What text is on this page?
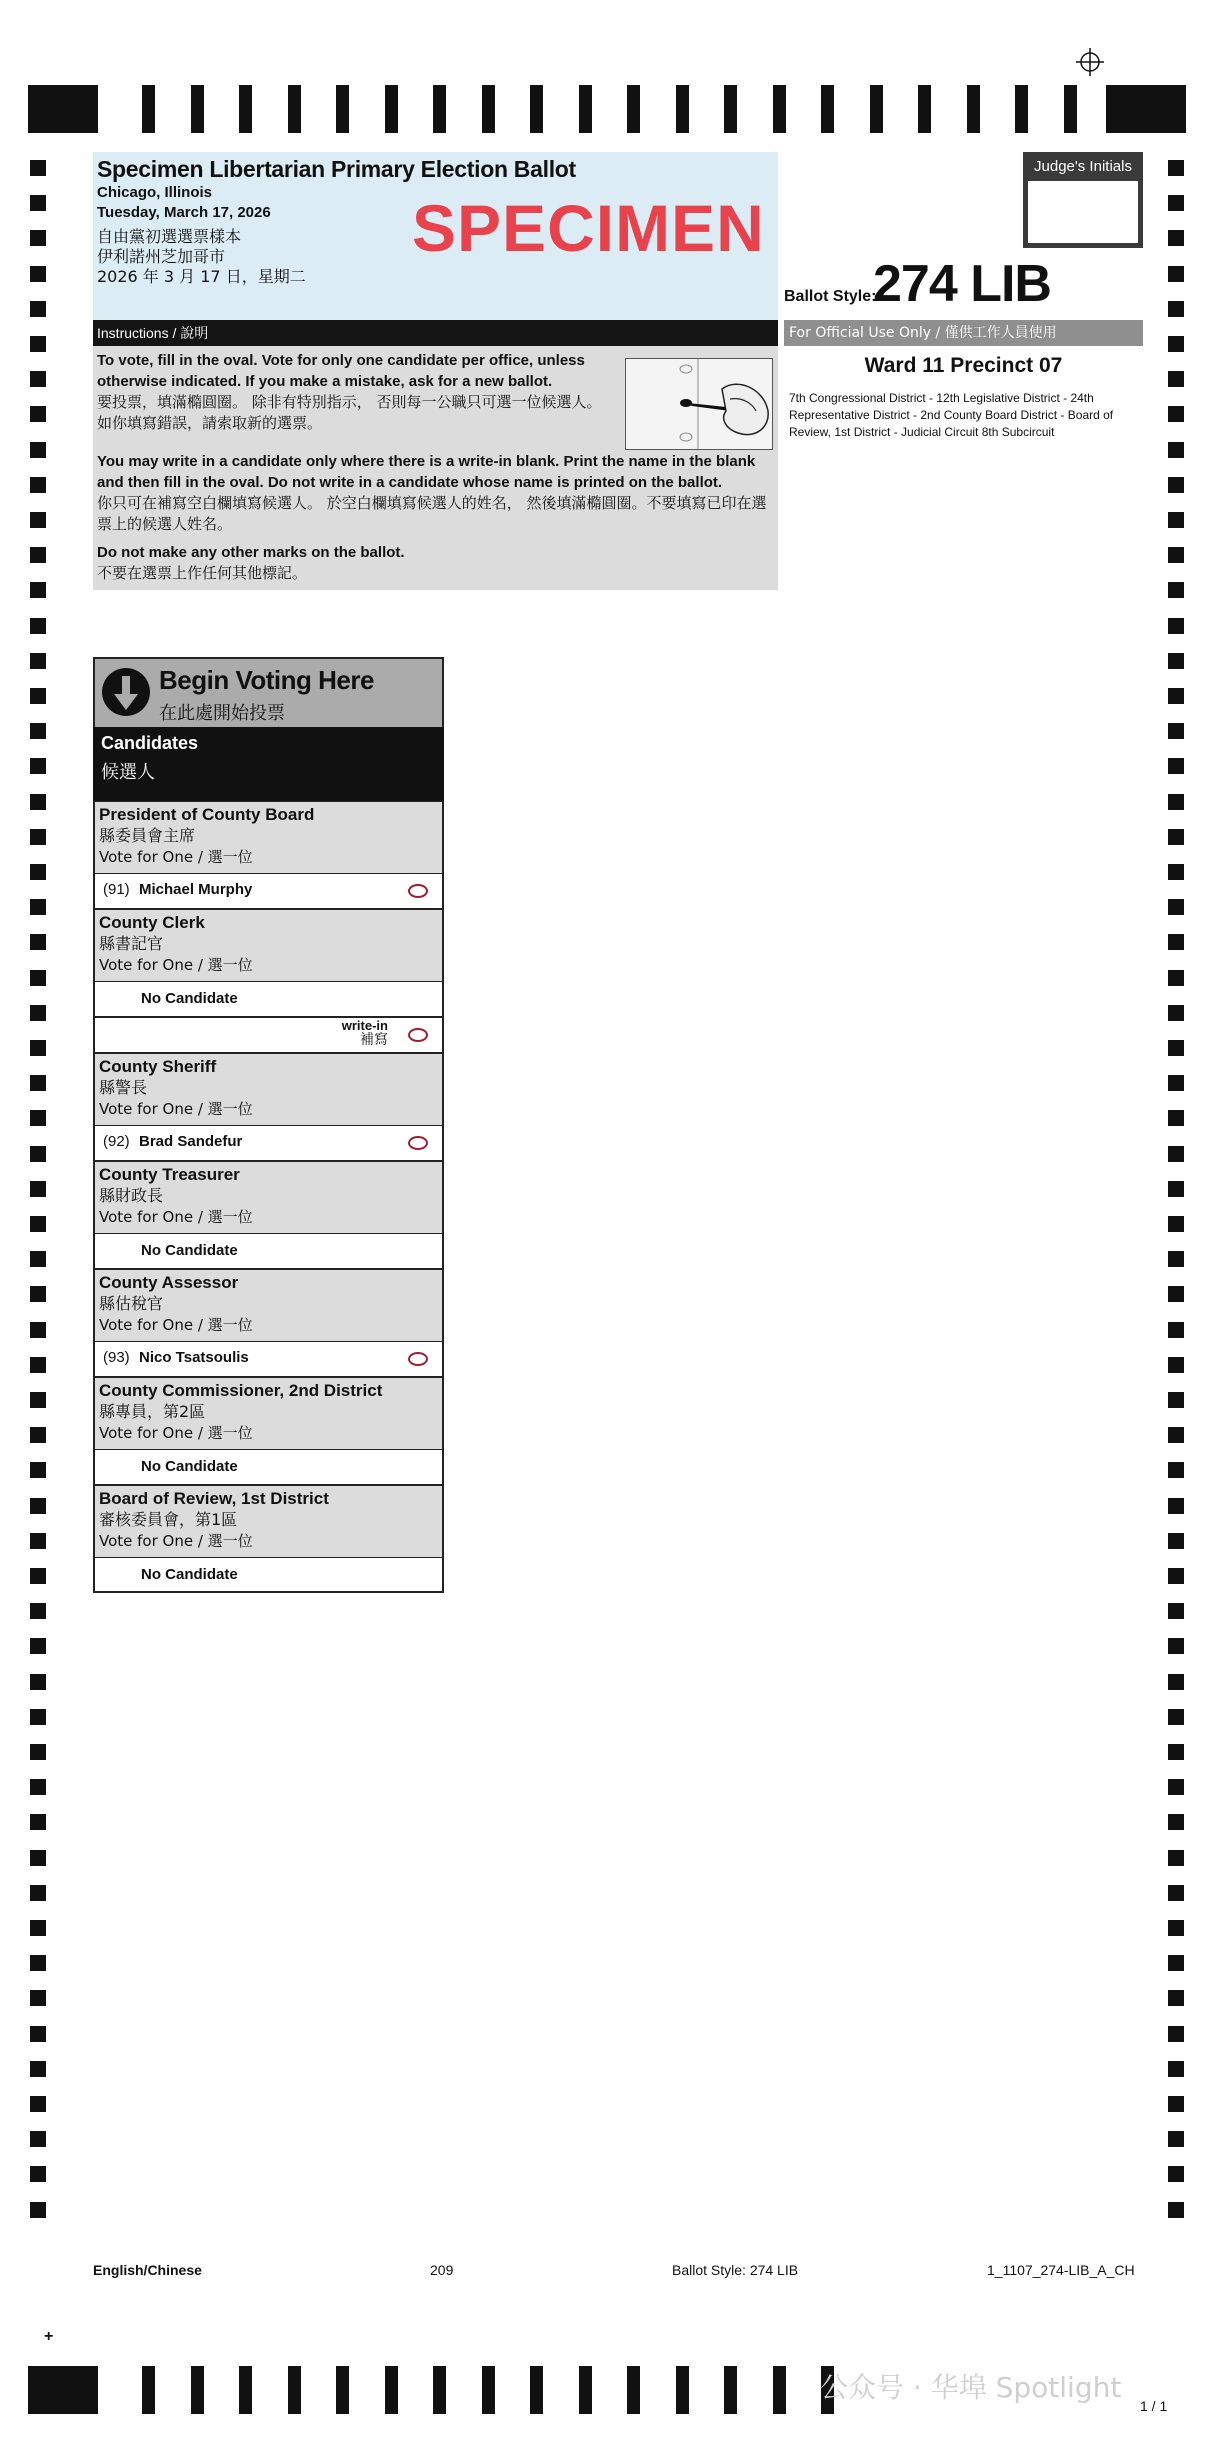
Specimen Libertarian Primary Election Ballot
Chicago, Illinois
Tuesday, March 17, 2026
自由黨初選選票樣本
伊利諾州芝加哥市
2026 年 3 月 17 日，星期二
SPECIMEN
Judge's Initials
Ballot Style:
274 LIB
Instructions / 說明
To vote, fill in the oval. Vote for only one candidate per office, unless otherwise indicated. If you make a mistake, ask for a new ballot.
要投票，填滿橢圓圈。 除非有特別指示， 否則每一公職只可選一位候選人。 如你填寫錯誤，請索取新的選票。
You may write in a candidate only where there is a write-in blank. Print the name in the blank and then fill in the oval. Do not write in a candidate whose name is printed on the ballot.
你只可在補寫空白欄填寫候選人。 於空白欄填寫候選人的姓名， 然後填滿橢圓圈。不要填寫已印在選票上的候選人姓名。
Do not make any other marks on the ballot.
不要在選票上作任何其他標記。
For Official Use Only / 僅供工作人員使用
Ward 11 Precinct 07
7th Congressional District - 12th Legislative District - 24th Representative District - 2nd County Board District - Board of Review, 1st District - Judicial Circuit 8th Subcircuit
Begin Voting Here
在此處開始投票
Candidates
候選人
President of County Board
縣委員會主席
Vote for One / 選一位
(91) Michael Murphy
County Clerk
縣書記官
Vote for One / 選一位
No Candidate
write-in
補寫
County Sheriff
縣警長
Vote for One / 選一位
(92) Brad Sandefur
County Treasurer
縣財政長
Vote for One / 選一位
No Candidate
County Assessor
縣估稅官
Vote for One / 選一位
(93) Nico Tsatsoulis
County Commissioner, 2nd District
縣專員，第2區
Vote for One / 選一位
No Candidate
Board of Review, 1st District
審核委員會，第1區
Vote for One / 選一位
No Candidate
English/Chinese	209	Ballot Style: 274 LIB	1_1107_274-LIB_A_CH
1 / 1
+
公众号 · 华埠 Spotlight
